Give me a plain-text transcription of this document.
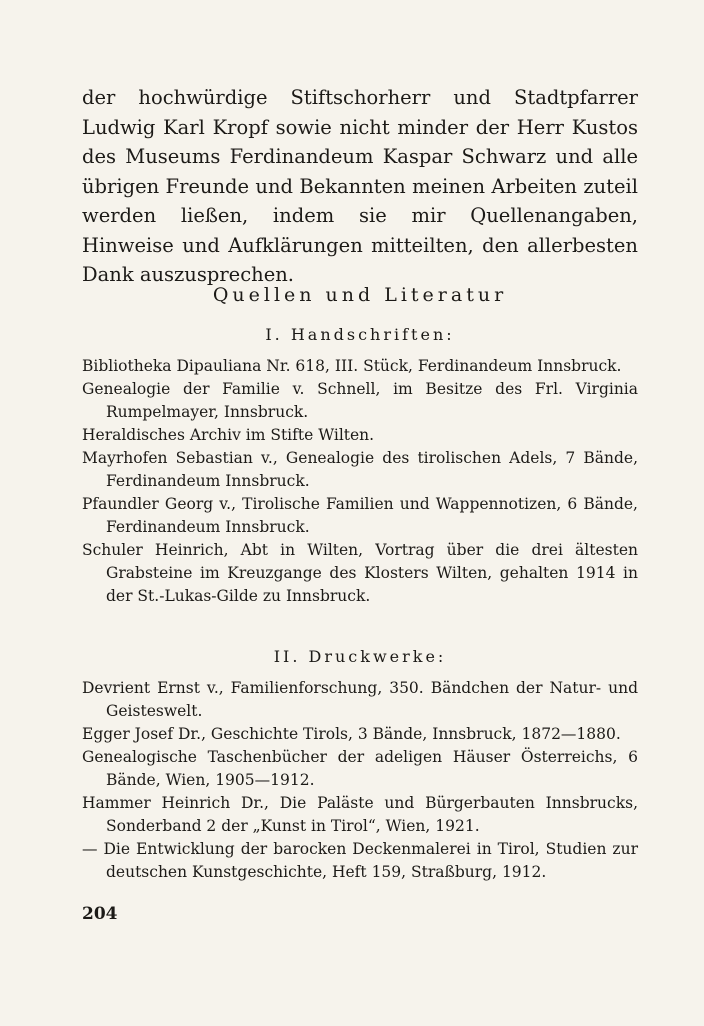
der hochwürdige Stiftschorherr und Stadtpfarrer Ludwig Karl Kropf sowie nicht minder der Herr Kustos des Museums Ferdinandeum Kaspar Schwarz und alle übrigen Freunde und Bekannten meinen Arbeiten zuteil werden ließen, indem sie mir Quellenangaben, Hinweise und Aufklärungen mitteilten, den allerbesten Dank auszusprechen.

Quellen und Literatur
I. Handschriften:
Bibliotheka Dipauliana Nr. 618, III. Stück, Ferdinandeum Innsbruck.
Genealogie der Familie v. Schnell, im Besitze des Frl. Virginia Rumpelmayer, Innsbruck.
Heraldisches Archiv im Stifte Wilten.
Mayrhofen Sebastian v., Genealogie des tirolischen Adels, 7 Bände, Ferdinandeum Innsbruck.
Pfaundler Georg v., Tirolische Familien und Wappennotizen, 6 Bände, Ferdinandeum Innsbruck.
Schuler Heinrich, Abt in Wilten, Vortrag über die drei ältesten Grabsteine im Kreuzgange des Klosters Wilten, gehalten 1914 in der St.-Lukas-Gilde zu Innsbruck.
II. Druckwerke:
Devrient Ernst v., Familienforschung, 350. Bändchen der Natur- und Geisteswelt.
Egger Josef Dr., Geschichte Tirols, 3 Bände, Innsbruck, 1872—1880.
Genealogische Taschenbücher der adeligen Häuser Österreichs, 6 Bände, Wien, 1905—1912.
Hammer Heinrich Dr., Die Paläste und Bürgerbauten Innsbrucks, Sonderband 2 der „Kunst in Tirol“, Wien, 1921.
— Die Entwicklung der barocken Deckenmalerei in Tirol, Studien zur deutschen Kunstgeschichte, Heft 159, Straßburg, 1912.
204
